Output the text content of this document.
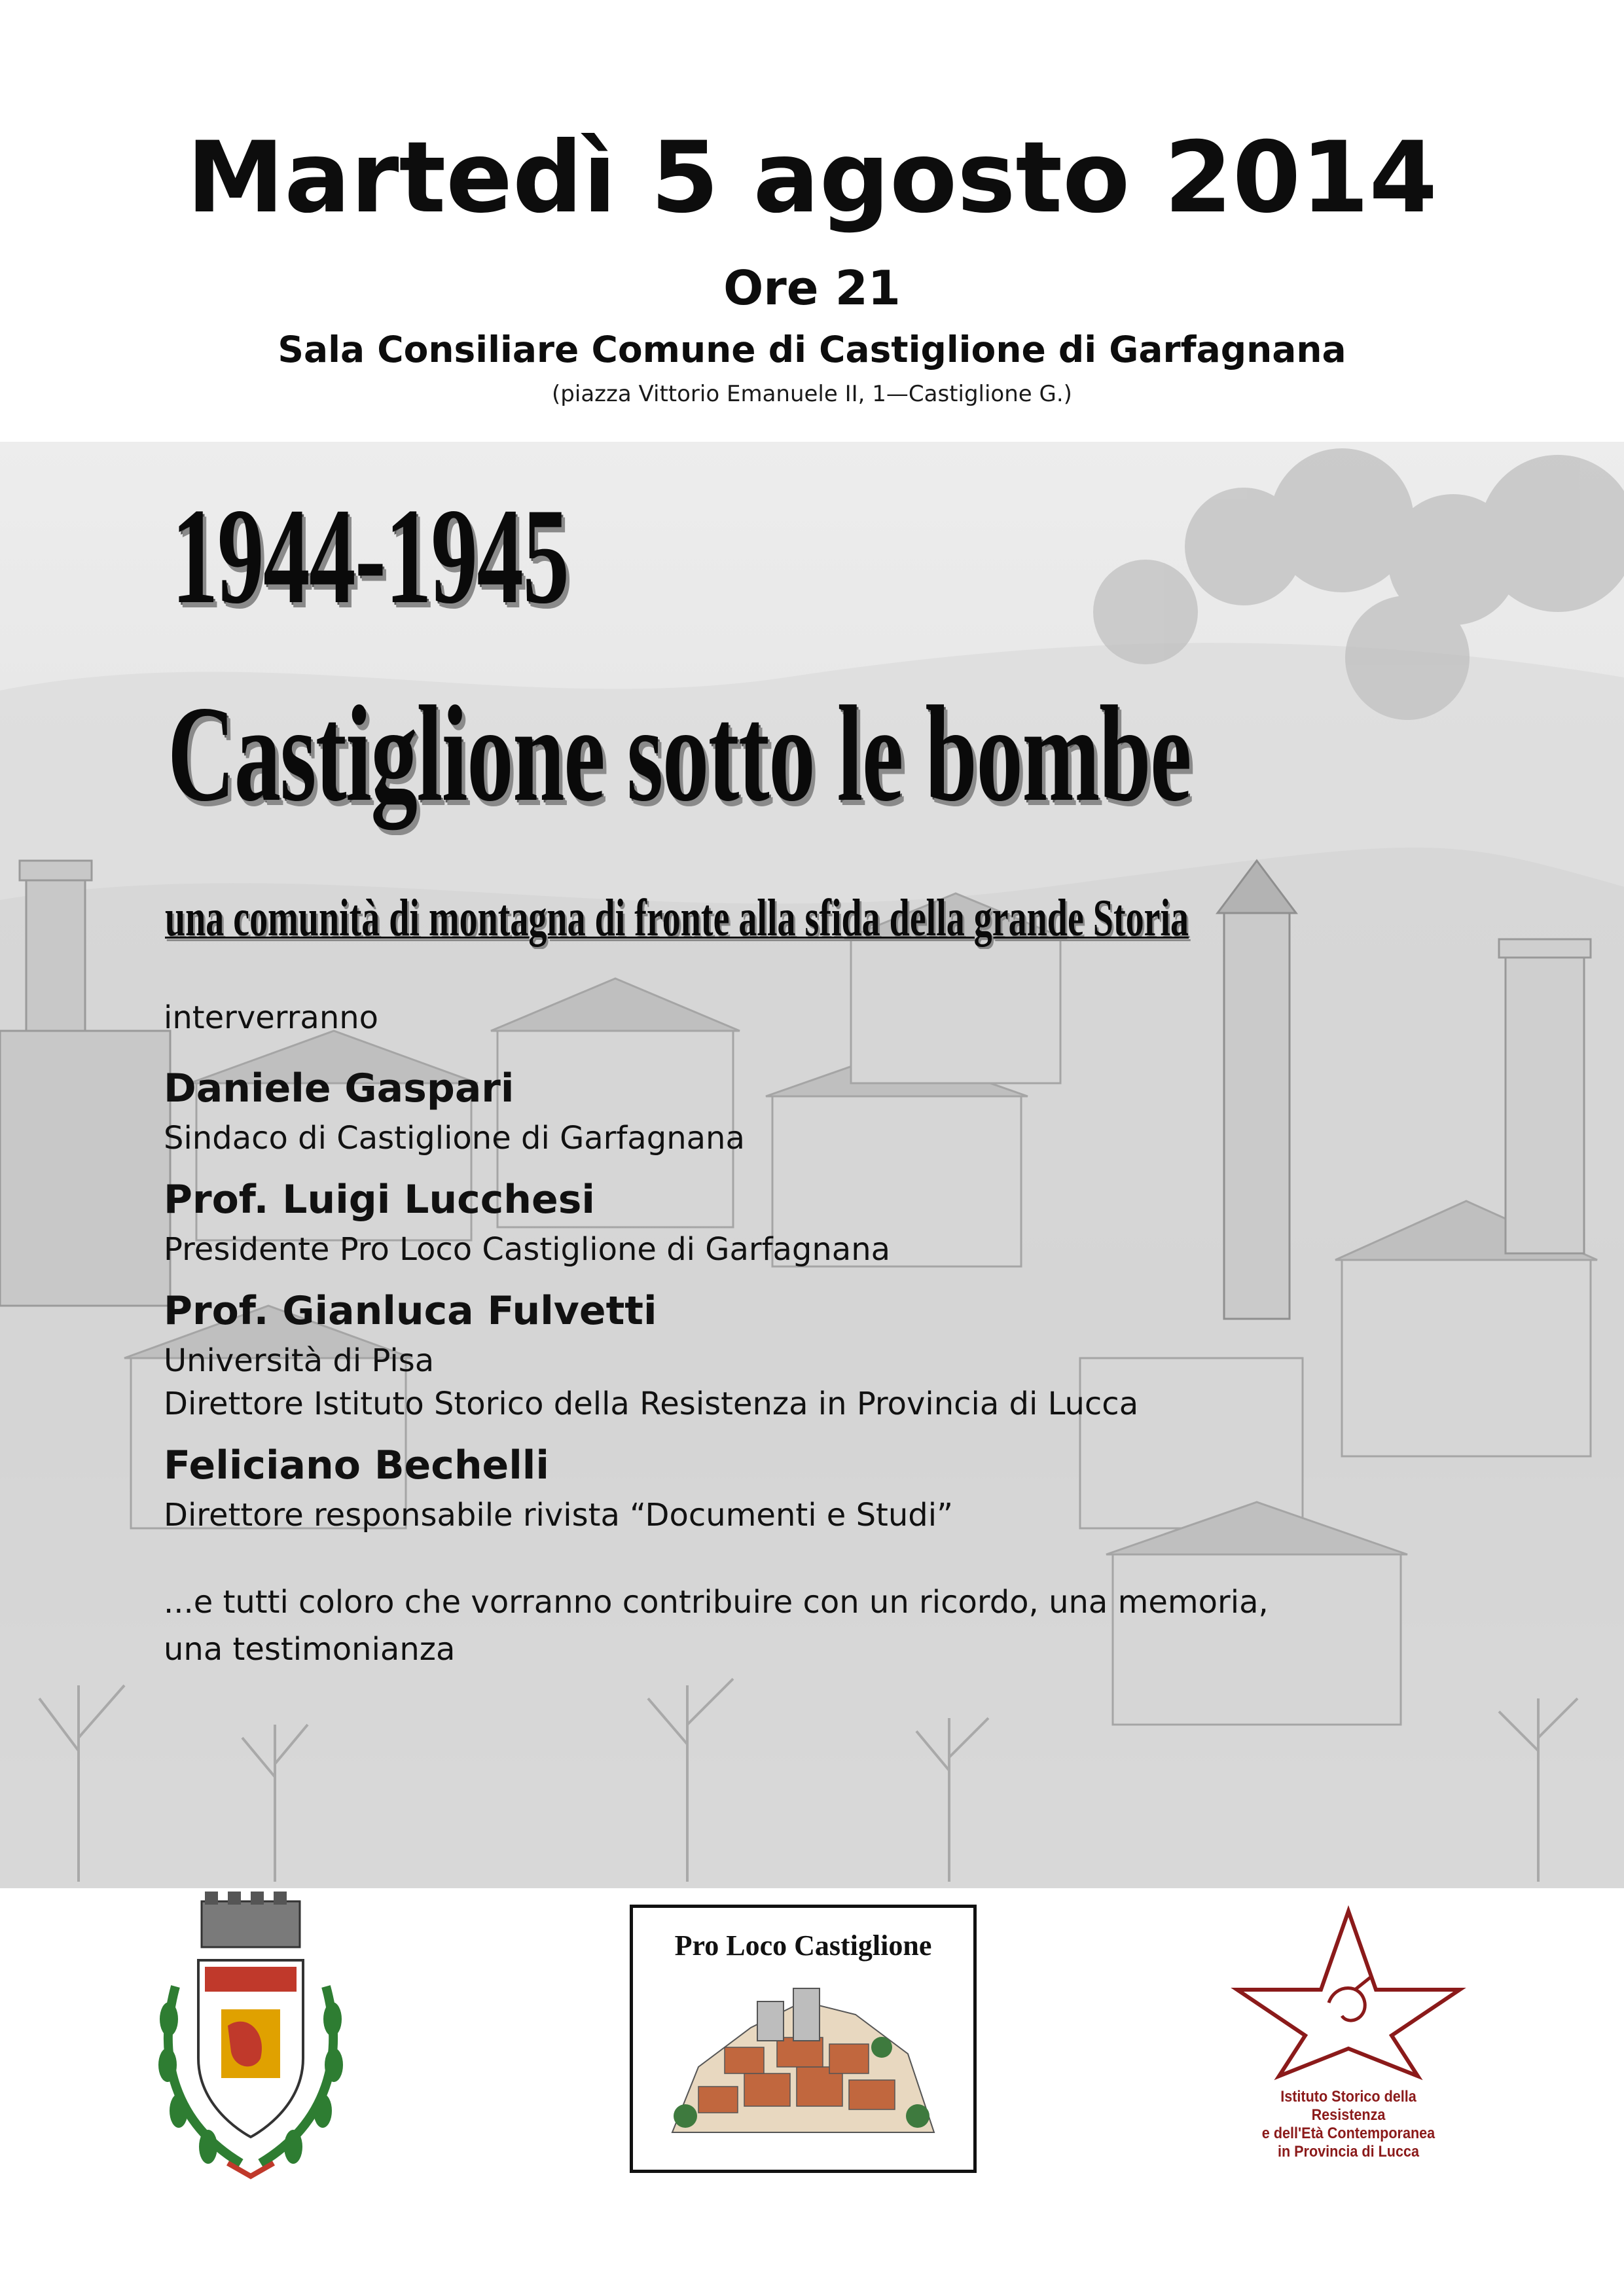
Martedì 5 agosto 2014
Ore 21
Sala Consiliare Comune di Castiglione di Garfagnana
(piazza Vittorio Emanuele II, 1—Castiglione G.)
1944-1945
Castiglione sotto le bombe
una comunità di montagna di fronte alla sfida della grande Storia

interverranno

Daniele Gaspari
Sindaco di Castiglione di Garfagnana
Prof. Luigi Lucchesi
Presidente Pro Loco Castiglione di Garfagnana
Prof. Gianluca Fulvetti
Università di Pisa
Direttore Istituto Storico della Resistenza in Provincia di Lucca
Feliciano Bechelli
Direttore responsabile rivista “Documenti e Studi”
...e tutti coloro che vorranno contribuire con un ricordo, una memoria,
una testimonianza
Pro Loco Castiglione
Istituto Storico della Resistenza
e dell'Età Contemporanea
in Provincia di Lucca
